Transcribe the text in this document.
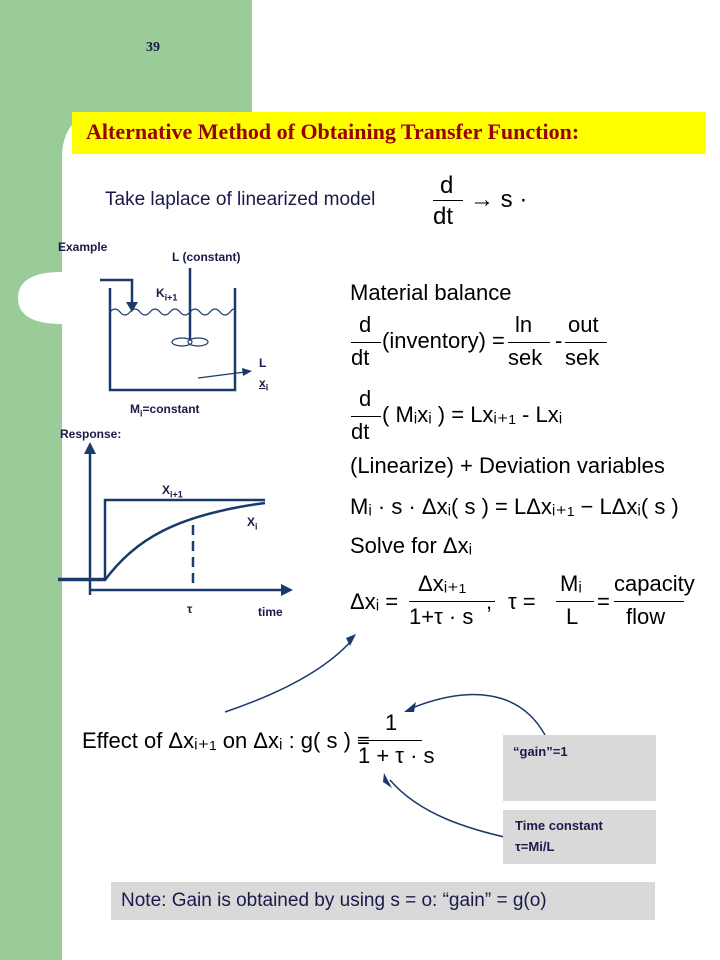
39
Alternative Method of Obtaining Transfer Function:
Take laplace of linearized model
d
dt
→ s ·
Example
L (constant)
$K_{i+1}$
L
$x_i$
$M_i=constant$
Response:
$X_{i+1}$
$X_i$
τ	time
Material balance
d
dt
(inventory) =
ln
sek
-
out
sek
d
dt
( Mᵢxᵢ ) = Lxᵢ₊₁ - Lxᵢ
(Linearize) + Deviation variables
Mᵢ · s · Δxᵢ( s ) = LΔxᵢ₊₁ − LΔxᵢ( s )
Solve for Δxᵢ
Δxᵢ =
Δxᵢ₊₁
1+τ · s
, τ =
Mᵢ
L
=
capacity
flow
Effect of Δxᵢ₊₁ on Δxᵢ : g( s ) =
1
1 + τ · s	“gain”=1
Time constant
τ=Mi/L
Note: Gain is obtained by using s = o: “gain” = g(o)
